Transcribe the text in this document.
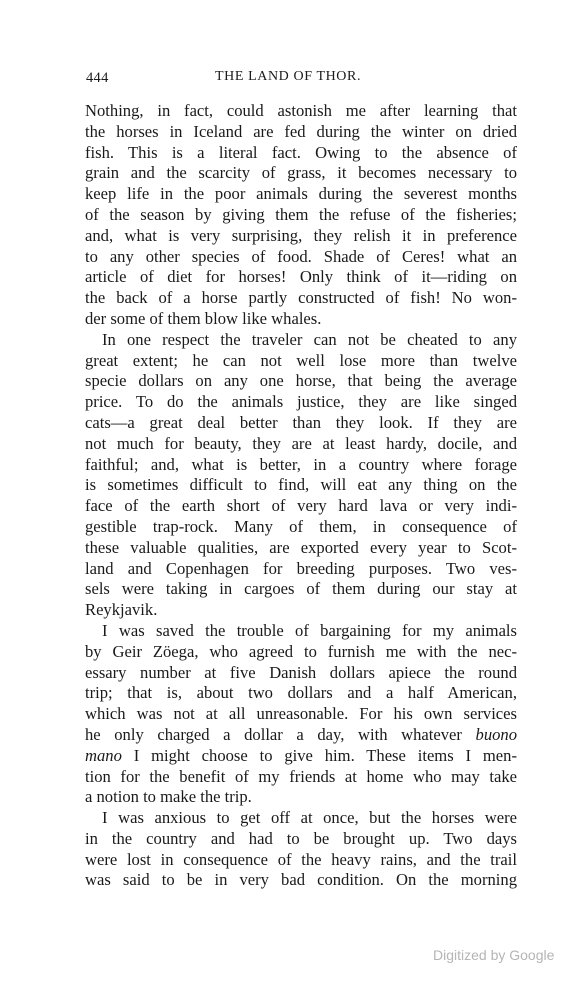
444	THE LAND OF THOR.
Nothing, in fact, could astonish me after learning that
the horses in Iceland are fed during the winter on dried
fish. This is a literal fact. Owing to the absence of
grain and the scarcity of grass, it becomes necessary to
keep life in the poor animals during the severest months
of the season by giving them the refuse of the fisheries;
and, what is very surprising, they relish it in preference
to any other species of food. Shade of Ceres! what an
article of diet for horses! Only think of it—riding on
the back of a horse partly constructed of fish! No won-
der some of them blow like whales.
In one respect the traveler can not be cheated to any
great extent; he can not well lose more than twelve
specie dollars on any one horse, that being the average
price. To do the animals justice, they are like singed
cats—a great deal better than they look. If they are
not much for beauty, they are at least hardy, docile, and
faithful; and, what is better, in a country where forage
is sometimes difficult to find, will eat any thing on the
face of the earth short of very hard lava or very indi-
gestible trap-rock. Many of them, in consequence of
these valuable qualities, are exported every year to Scot-
land and Copenhagen for breeding purposes. Two ves-
sels were taking in cargoes of them during our stay at
Reykjavik.
I was saved the trouble of bargaining for my animals
by Geir Zöega, who agreed to furnish me with the nec-
essary number at five Danish dollars apiece the round
trip; that is, about two dollars and a half American,
which was not at all unreasonable. For his own services
he only charged a dollar a day, with whatever buono
mano I might choose to give him. These items I men-
tion for the benefit of my friends at home who may take
a notion to make the trip.
I was anxious to get off at once, but the horses were
in the country and had to be brought up. Two days
were lost in consequence of the heavy rains, and the trail
was said to be in very bad condition. On the morning
Digitized by Google
